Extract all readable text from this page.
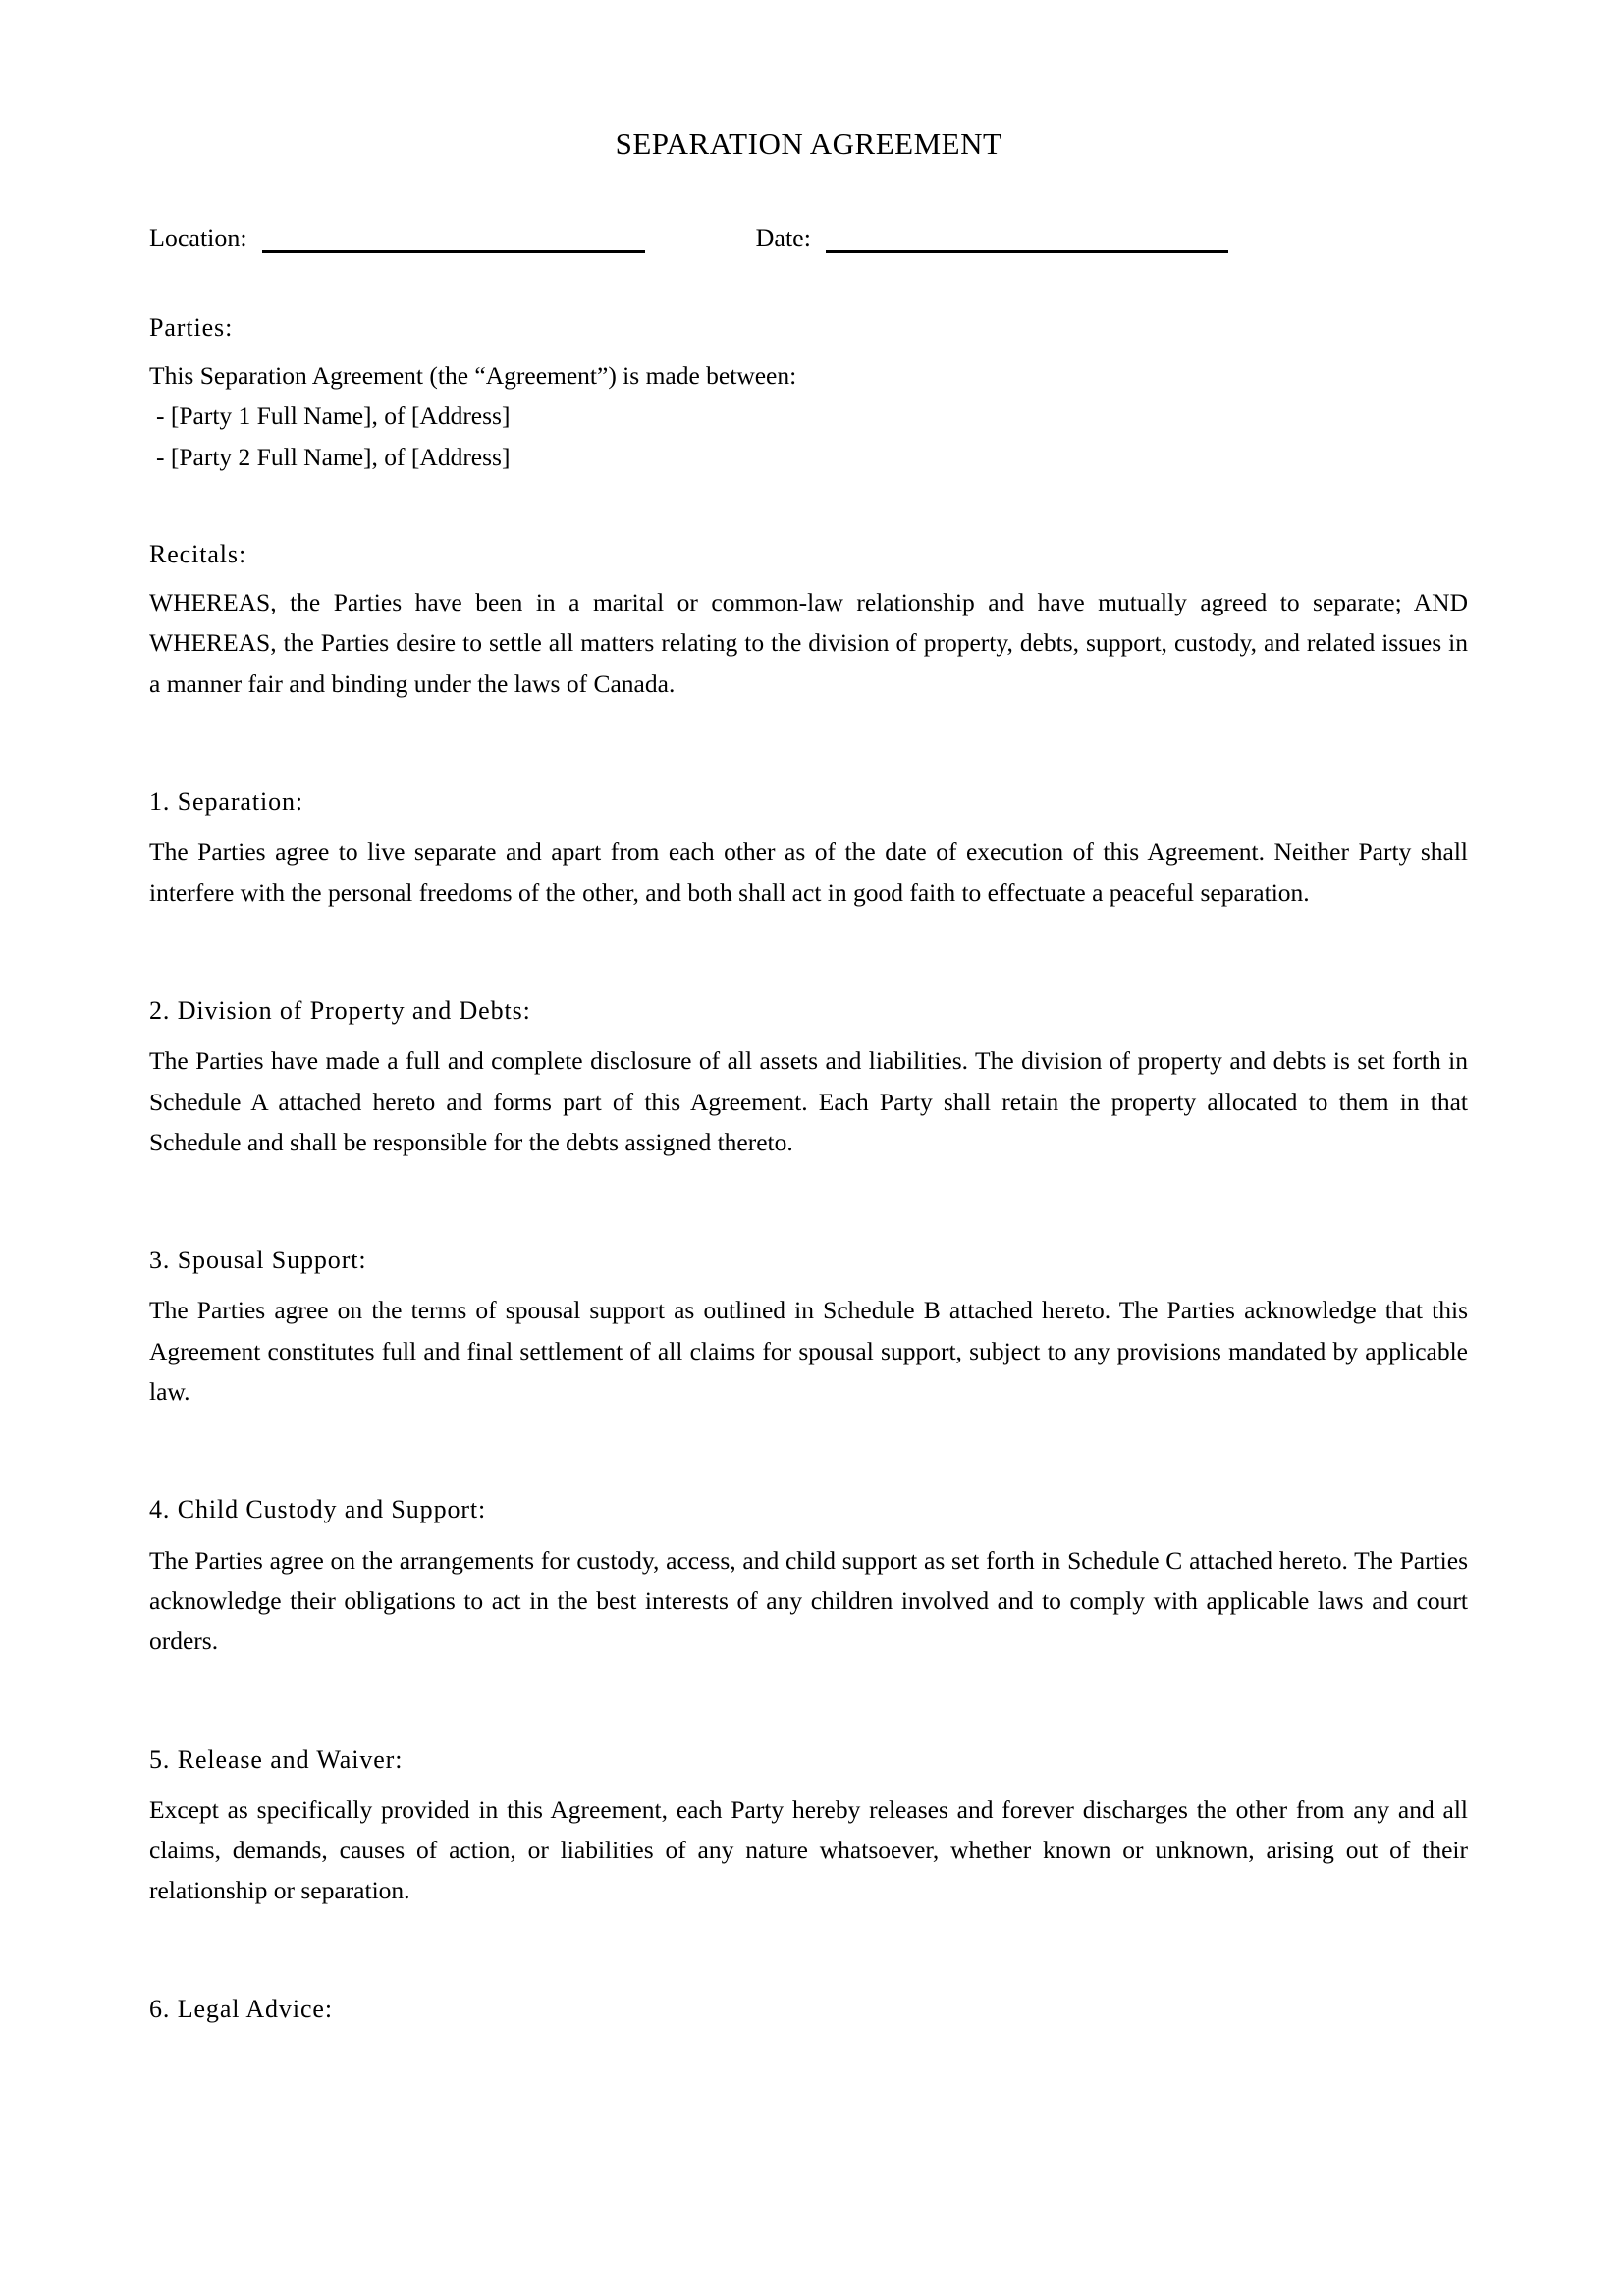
SEPARATION AGREEMENT
Location:	Date:
Parties:

This Separation Agreement (the “Agreement”) is made between:

- [Party 1 Full Name], of [Address]

- [Party 2 Full Name], of [Address]

Recitals:

WHEREAS, the Parties have been in a marital or common-law relationship and have mutually agreed to separate; AND WHEREAS, the Parties desire to settle all matters relating to the division of property, debts, support, custody, and related issues in a manner fair and binding under the laws of Canada.

1. Separation:

The Parties agree to live separate and apart from each other as of the date of execution of this Agreement. Neither Party shall interfere with the personal freedoms of the other, and both shall act in good faith to effectuate a peaceful separation.

2. Division of Property and Debts:

The Parties have made a full and complete disclosure of all assets and liabilities. The division of property and debts is set forth in Schedule A attached hereto and forms part of this Agreement. Each Party shall retain the property allocated to them in that Schedule and shall be responsible for the debts assigned thereto.

3. Spousal Support:

The Parties agree on the terms of spousal support as outlined in Schedule B attached hereto. The Parties acknowledge that this Agreement constitutes full and final settlement of all claims for spousal support, subject to any provisions mandated by applicable law.

4. Child Custody and Support:

The Parties agree on the arrangements for custody, access, and child support as set forth in Schedule C attached hereto. The Parties acknowledge their obligations to act in the best interests of any children involved and to comply with applicable laws and court orders.

5. Release and Waiver:

Except as specifically provided in this Agreement, each Party hereby releases and forever discharges the other from any and all claims, demands, causes of action, or liabilities of any nature whatsoever, whether known or unknown, arising out of their relationship or separation.

6. Legal Advice:
